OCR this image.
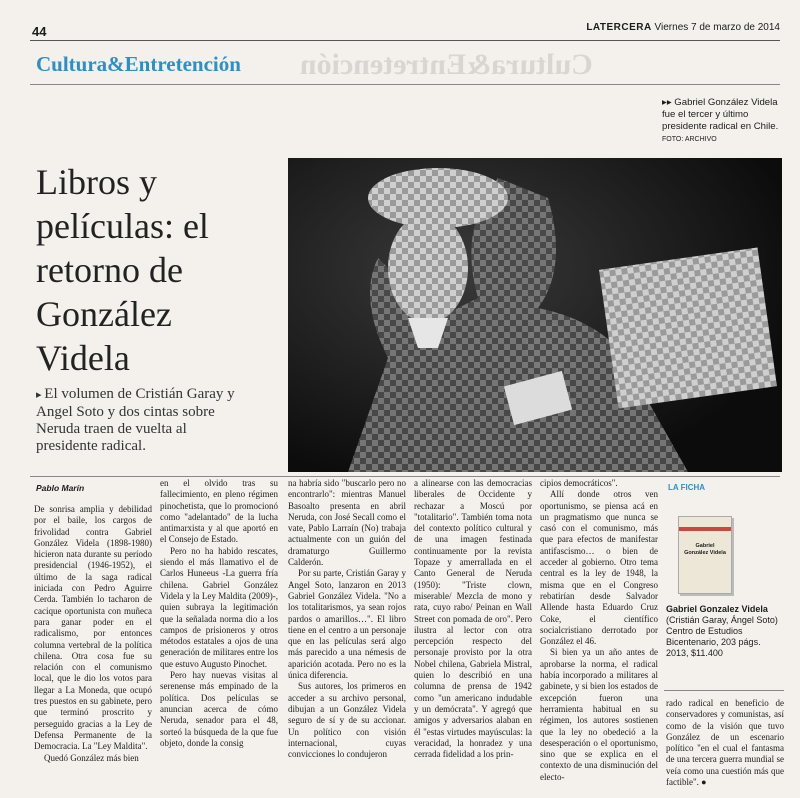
44	LATERCERA Viernes 7 de marzo de 2014
Cultura&Entretención Cultura&Entretención
▸▸ Gabriel González Videla fue el tercer y último presidente radical en Chile. FOTO: ARCHIVO
Libros y
películas: el
retorno de
González
Videla
▸ El volumen de Cristián Garay y
Angel Soto y dos cintas sobre
Neruda traen de vuelta al
presidente radical.
Pablo Marín

De sonrisa amplia y debilidad por el baile, los cargos de frivolidad contra Gabriel González Videla (1898-1980) hicieron nata durante su período presidencial (1946-1952), el último de la saga radical iniciada con Pedro Aguirre Cerda. También lo tacharon de cacique oportunista con muñeca para ganar poder en el radicalismo, por entonces columna vertebral de la política chilena. Otra cosa fue su relación con el comunismo local, que le dio los votos para llegar a La Moneda, que ocupó tres puestos en su gabinete, pero que terminó proscrito y perseguido gracias a la Ley de Defensa Permanente de la Democracia. La "Ley Maldita".

Quedó González más bien

en el olvido tras su fallecimiento, en pleno régimen pinochetista, que lo promocionó como "adelantado" de la lucha antimarxista y al que aportó en el Consejo de Estado.

Pero no ha habido rescates, siendo el más llamativo el de Carlos Huneeus -La guerra fría chilena. Gabriel González Videla y la Ley Maldita (2009)-, quien subraya la legitimación que la señalada norma dio a los campos de prisioneros y otros métodos estatales a ojos de una generación de militares entre los que estuvo Augusto Pinochet.

Pero hay nuevas visitas al serenense más empinado de la política. Dos películas se anuncian acerca de cómo Neruda, senador para el 48, sorteó la búsqueda de la que fue objeto, donde la consig

na habría sido "buscarlo pero no encontrarlo": mientras Manuel Basoalto presenta en abril Neruda, con José Secall como el vate, Pablo Larraín (No) trabaja actualmente con un guión del dramaturgo Guillermo Calderón.

Por su parte, Cristián Garay y Angel Soto, lanzaron en 2013 Gabriel González Videla. "No a los totalitarismos, ya sean rojos pardos o amarillos…". El libro tiene en el centro a un personaje que en las películas será algo más parecido a una némesis de aparición acotada. Pero no es la única diferencia.

Sus autores, los primeros en acceder a su archivo personal, dibujan a un González Videla seguro de sí y de su accionar. Un político con visión internacional, cuyas convicciones lo condujeron

a alinearse con las democracias liberales de Occidente y rechazar a Moscú por "totalitario". También toma nota del contexto político cultural y de una imagen festinada continuamente por la revista Topaze y amerrallada en el Canto General de Neruda (1950): "Triste clown, miserable/ Mezcla de mono y rata, cuyo rabo/ Peinan en Wall Street con pomada de oro". Pero ilustra al lector con otra percepción respecto del personaje provisto por la otra Nobel chilena, Gabriela Mistral, quien lo describió en una columna de prensa de 1942 como "un americano indudable y un demócrata". Y agregó que amigos y adversarios alaban en él "estas virtudes mayúsculas: la veracidad, la honradez y una cerrada fidelidad a los prin-

cipios democráticos".

Allí donde otros ven oportunismo, se piensa acá en un pragmatismo que nunca se casó con el comunismo, más que para efectos de manifestar antifascismo… o bien de acceder al gobierno. Otro tema central es la ley de 1948, la misma que en el Congreso rebatirían desde Salvador Allende hasta Eduardo Cruz Coke, el científico socialcristiano derrotado por González el 46.

Si bien ya un año antes de aprobarse la norma, el radical había incorporado a militares al gabinete, y si bien los estados de excepción fueron una herramienta habitual en su régimen, los autores sostienen que la ley no obedeció a la desesperación o el oportunismo, sino que se explica en el contexto de una disminución del electo-

LA FICHA
Gabriel González Videla
Gabriel Gonzalez Videla
(Cristián Garay, Ángel Soto)
Centro de Estudios
Bicentenario, 203 págs.
2013, $11.400

rado radical en beneficio de conservadores y comunistas, así como de la visión que tuvo González de un escenario político "en el cual el fantasma de una tercera guerra mundial se veía como una cuestión más que factible". ●
